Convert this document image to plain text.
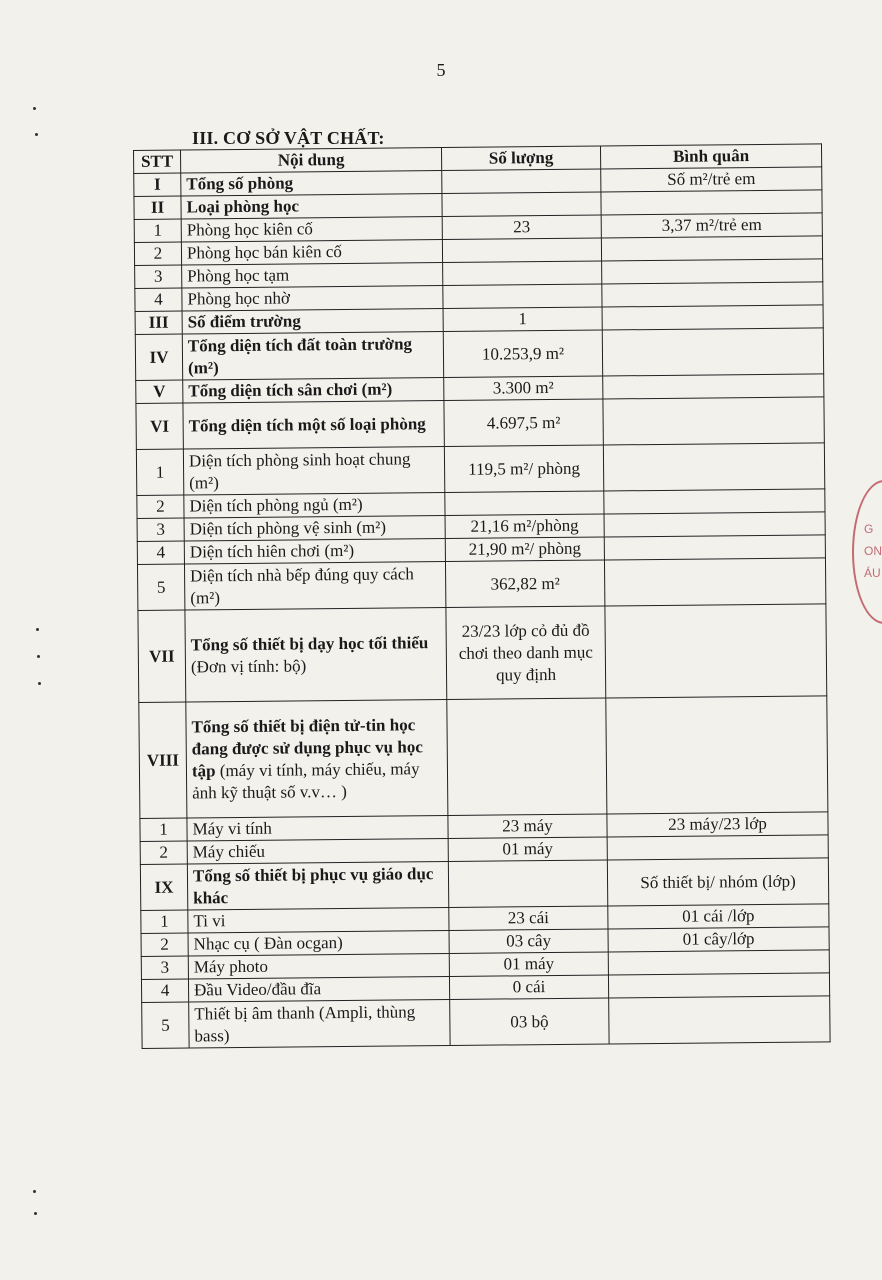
5
III. CƠ SỞ VẬT CHẤT:
STT	Nội dung	Số lượng	Bình quân
I	Tổng số phòng		Số m²/trẻ em
II	Loại phòng học		
1	Phòng học kiên cố	23	3,37 m²/trẻ em
2	Phòng học bán kiên cố		
3	Phòng học tạm		
4	Phòng học nhờ		
III	Số điểm trường	1	
IV	Tổng diện tích đất toàn trường (m²)	10.253,9 m²	
V	Tổng diện tích sân chơi (m²)	3.300 m²	
VI	Tổng diện tích một số loại phòng	4.697,5 m²	
1	Diện tích phòng sinh hoạt chung (m²)	119,5 m²/ phòng	
2	Diện tích phòng ngủ (m²)		
3	Diện tích phòng vệ sinh (m²)	21,16 m²/phòng	
4	Diện tích hiên chơi (m²)	21,90 m²/ phòng	
5	Diện tích nhà bếp đúng quy cách (m²)	362,82 m²	
VII	Tổng số thiết bị dạy học tối thiểu (Đơn vị tính: bộ)	23/23 lớp cỏ đủ đồ chơi theo danh mục quy định	
VIII	Tổng số thiết bị điện tử-tin học đang được sử dụng phục vụ học tập (máy vi tính, máy chiếu, máy ảnh kỹ thuật số v.v… )		
1	Máy vi tính	23 máy	23 máy/23 lớp
2	Máy chiếu	01 máy	
IX	Tổng số thiết bị phục vụ giáo dục khác		Số thiết bị/ nhóm (lớp)
1	Ti vi	23 cái	01 cái /lớp
2	Nhạc cụ ( Đàn ocgan)	03 cây	01 cây/lớp
3	Máy photo	01 máy	
4	Đầu Video/đầu đĩa	0 cái	
5	Thiết bị âm thanh (Ampli, thùng bass)	03 bộ	
G
ON
ÁU
